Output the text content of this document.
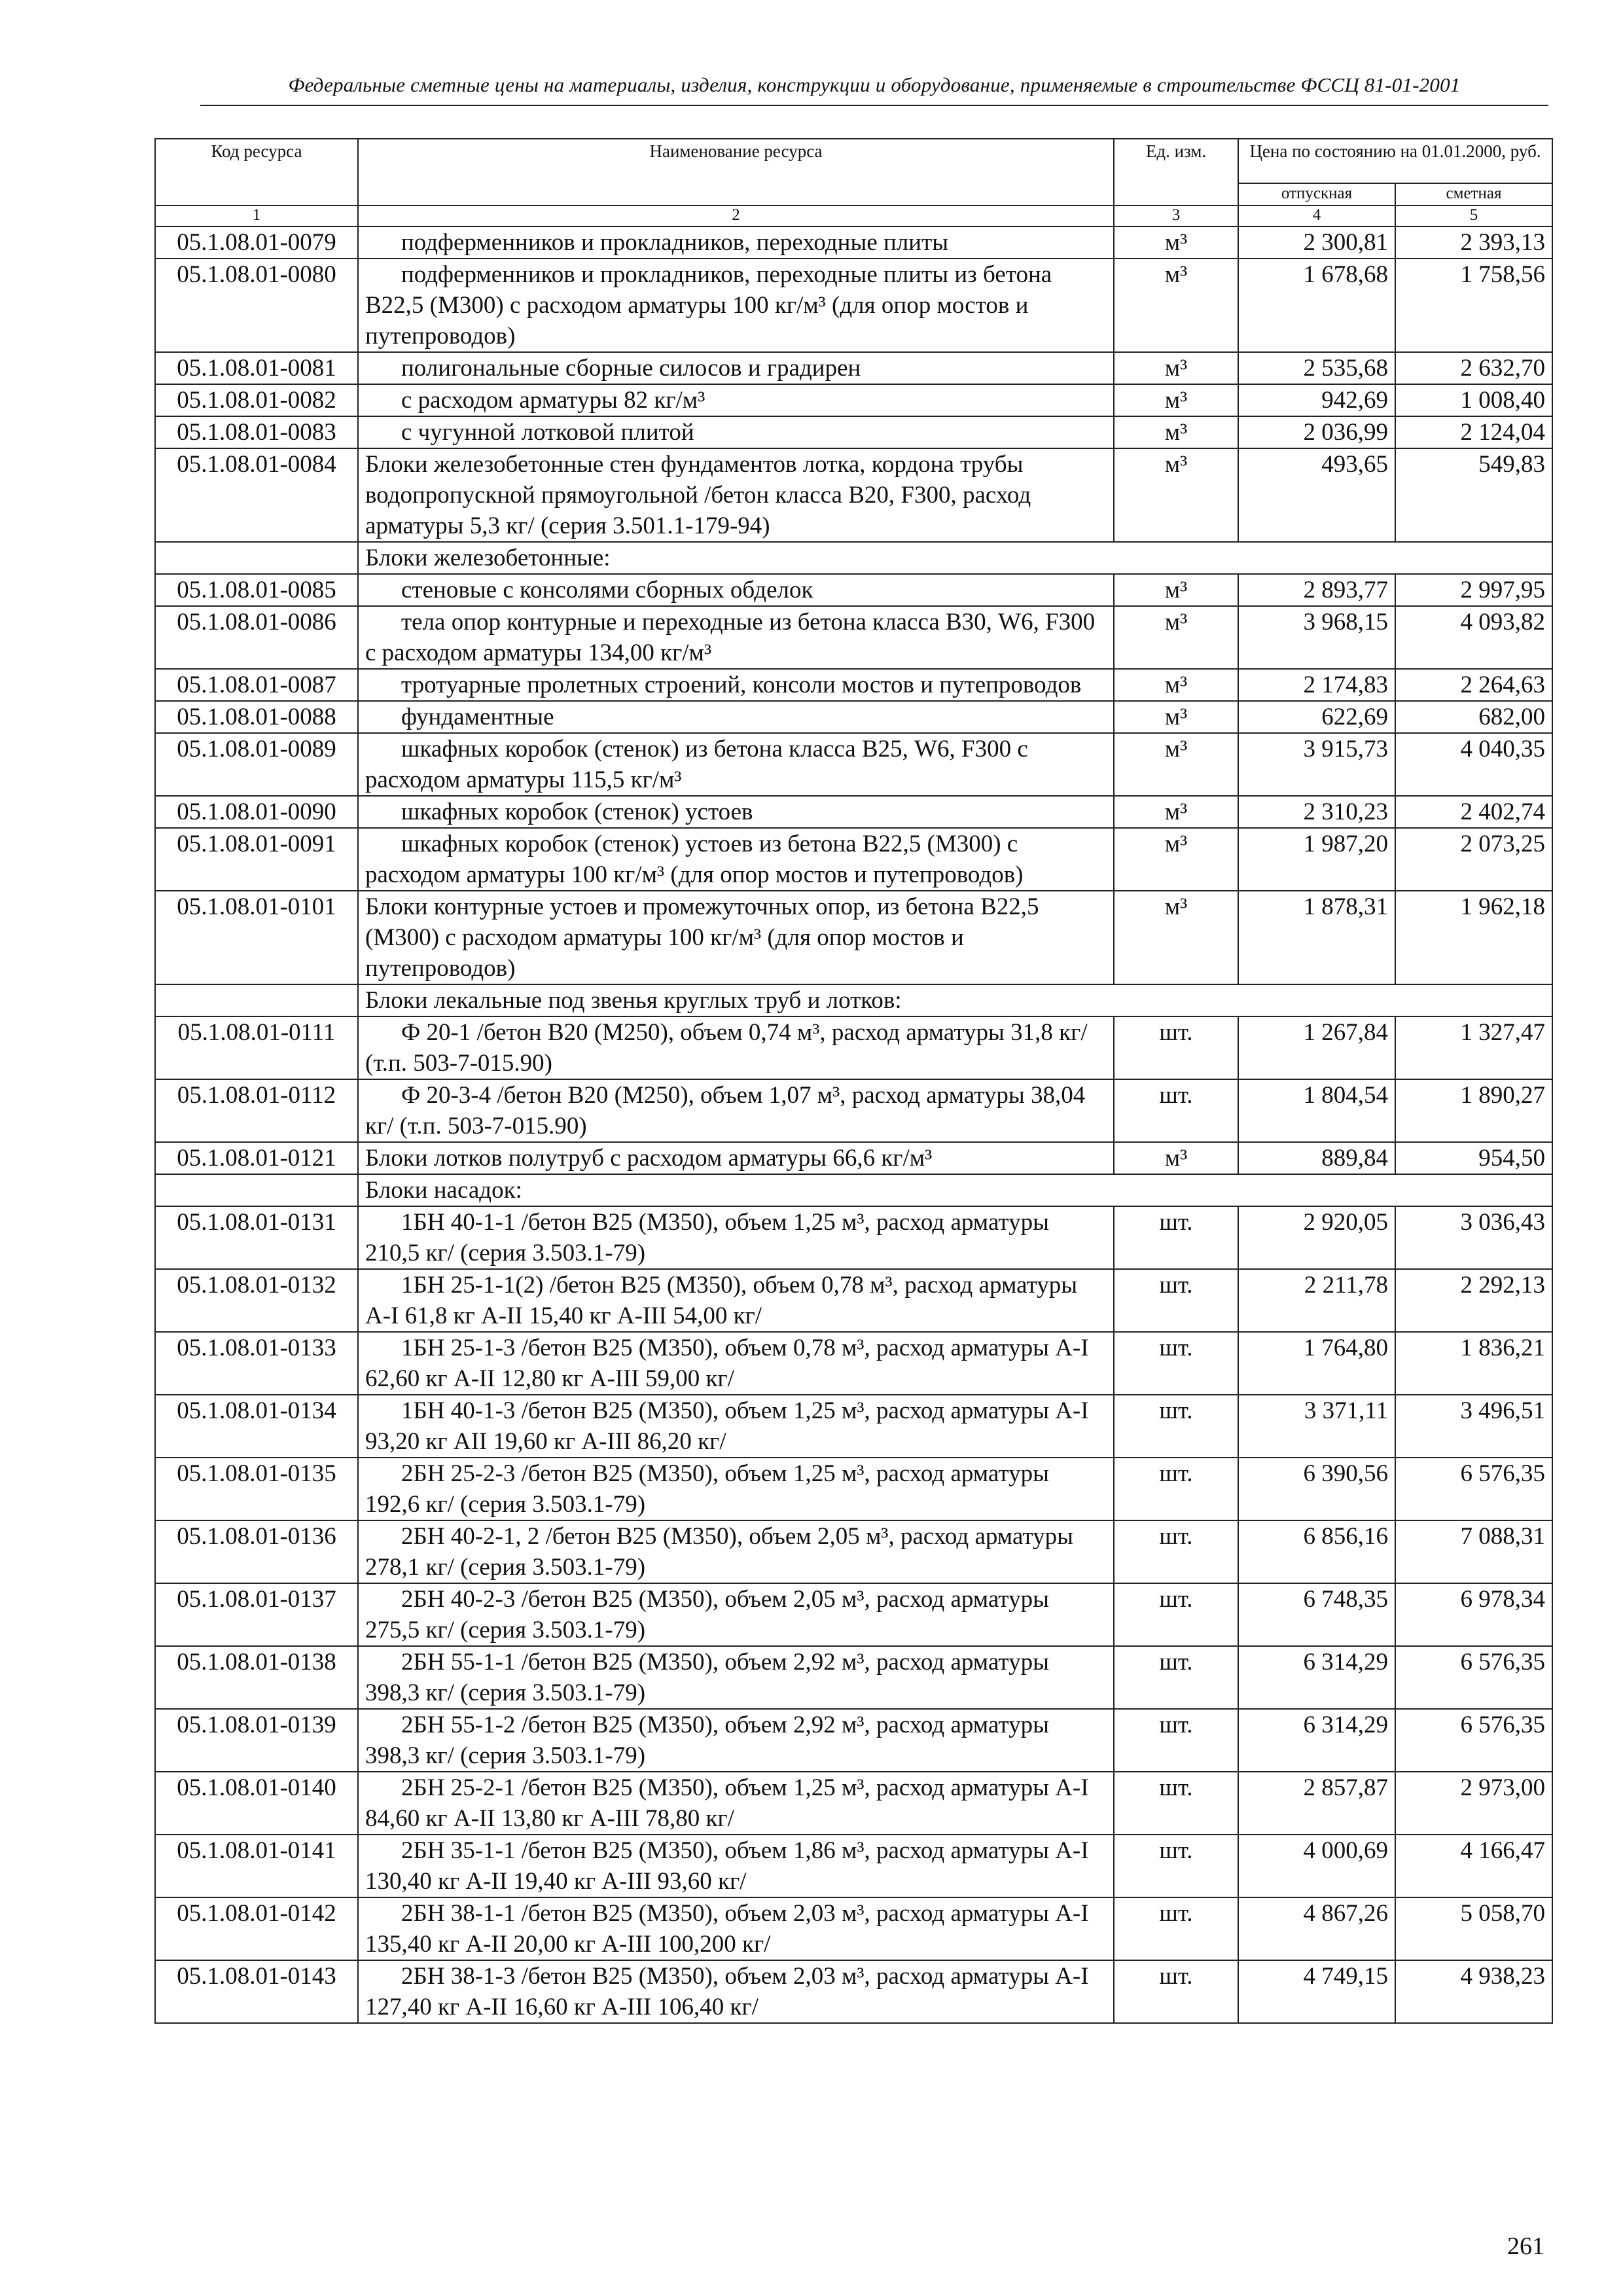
Федеральные сметные цены на материалы, изделия, конструкции и оборудование, применяемые в строительстве ФССЦ 81-01-2001
Код ресурса	Наименование ресурса	Ед. изм.	Цена по состоянию на 01.01.2000, руб.	
			отпускная	сметная
1	2	3	4	5
05.1.08.01-0079	подферменников и прокладников, переходные плиты	м³	2 300,81	2 393,13
05.1.08.01-0080	подферменников и прокладников, переходные плиты из бетона В22,5 (М300) с расходом арматуры 100 кг/м³ (для опор мостов и путепроводов)	м³	1 678,68	1 758,56
05.1.08.01-0081	полигональные сборные силосов и градирен	м³	2 535,68	2 632,70
05.1.08.01-0082	с расходом арматуры 82 кг/м³	м³	942,69	1 008,40
05.1.08.01-0083	с чугунной лотковой плитой	м³	2 036,99	2 124,04
05.1.08.01-0084	Блоки железобетонные стен фундаментов лотка, кордона трубы водопропускной прямоугольной /бетон класса В20, F300, расход арматуры 5,3 кг/ (серия 3.501.1-179-94)	м³	493,65	549,83
	Блоки железобетонные:			
05.1.08.01-0085	стеновые с консолями сборных обделок	м³	2 893,77	2 997,95
05.1.08.01-0086	тела опор контурные и переходные из бетона класса В30, W6, F300 с расходом арматуры 134,00 кг/м³	м³	3 968,15	4 093,82
05.1.08.01-0087	тротуарные пролетных строений, консоли мостов и путепроводов	м³	2 174,83	2 264,63
05.1.08.01-0088	фундаментные	м³	622,69	682,00
05.1.08.01-0089	шкафных коробок (стенок) из бетона класса В25, W6, F300 с расходом арматуры 115,5 кг/м³	м³	3 915,73	4 040,35
05.1.08.01-0090	шкафных коробок (стенок) устоев	м³	2 310,23	2 402,74
05.1.08.01-0091	шкафных коробок (стенок) устоев из бетона В22,5 (М300) с расходом арматуры 100 кг/м³ (для опор мостов и путепроводов)	м³	1 987,20	2 073,25
05.1.08.01-0101	Блоки контурные устоев и промежуточных опор, из бетона В22,5 (М300) с расходом арматуры 100 кг/м³ (для опор мостов и путепроводов)	м³	1 878,31	1 962,18
	Блоки лекальные под звенья круглых труб и лотков:			
05.1.08.01-0111	Ф 20-1 /бетон В20 (М250), объем 0,74 м³, расход арматуры 31,8 кг/ (т.п. 503-7-015.90)	шт.	1 267,84	1 327,47
05.1.08.01-0112	Ф 20-3-4 /бетон В20 (М250), объем 1,07 м³, расход арматуры 38,04 кг/ (т.п. 503-7-015.90)	шт.	1 804,54	1 890,27
05.1.08.01-0121	Блоки лотков полутруб с расходом арматуры 66,6 кг/м³	м³	889,84	954,50
	Блоки насадок:			
05.1.08.01-0131	1БН 40-1-1 /бетон В25 (М350), объем 1,25 м³, расход арматуры 210,5 кг/ (серия 3.503.1-79)	шт.	2 920,05	3 036,43
05.1.08.01-0132	1БН 25-1-1(2) /бетон В25 (М350), объем 0,78 м³, расход арматуры А-I 61,8 кг А-II 15,40 кг А-III 54,00 кг/	шт.	2 211,78	2 292,13
05.1.08.01-0133	1БН 25-1-3 /бетон В25 (М350), объем 0,78 м³, расход арматуры А-I 62,60 кг А-II 12,80 кг А-III 59,00 кг/	шт.	1 764,80	1 836,21
05.1.08.01-0134	1БН 40-1-3 /бетон В25 (М350), объем 1,25 м³, расход арматуры А-I 93,20 кг АII 19,60 кг А-III 86,20 кг/	шт.	3 371,11	3 496,51
05.1.08.01-0135	2БН 25-2-3 /бетон В25 (М350), объем 1,25 м³, расход арматуры 192,6 кг/ (серия 3.503.1-79)	шт.	6 390,56	6 576,35
05.1.08.01-0136	2БН 40-2-1, 2 /бетон В25 (М350), объем 2,05 м³, расход арматуры 278,1 кг/ (серия 3.503.1-79)	шт.	6 856,16	7 088,31
05.1.08.01-0137	2БН 40-2-3 /бетон В25 (М350), объем 2,05 м³, расход арматуры 275,5 кг/ (серия 3.503.1-79)	шт.	6 748,35	6 978,34
05.1.08.01-0138	2БН 55-1-1 /бетон В25 (М350), объем 2,92 м³, расход арматуры 398,3 кг/ (серия 3.503.1-79)	шт.	6 314,29	6 576,35
05.1.08.01-0139	2БН 55-1-2 /бетон В25 (М350), объем 2,92 м³, расход арматуры 398,3 кг/ (серия 3.503.1-79)	шт.	6 314,29	6 576,35
05.1.08.01-0140	2БН 25-2-1 /бетон В25 (М350), объем 1,25 м³, расход арматуры А-I 84,60 кг А-II 13,80 кг А-III 78,80 кг/	шт.	2 857,87	2 973,00
05.1.08.01-0141	2БН 35-1-1 /бетон В25 (М350), объем 1,86 м³, расход арматуры А-I 130,40 кг А-II 19,40 кг А-III 93,60 кг/	шт.	4 000,69	4 166,47
05.1.08.01-0142	2БН 38-1-1 /бетон В25 (М350), объем 2,03 м³, расход арматуры А-I 135,40 кг А-II 20,00 кг А-III 100,200 кг/	шт.	4 867,26	5 058,70
05.1.08.01-0143	2БН 38-1-3 /бетон В25 (М350), объем 2,03 м³, расход арматуры А-I 127,40 кг А-II 16,60 кг А-III 106,40 кг/	шт.	4 749,15	4 938,23
261
